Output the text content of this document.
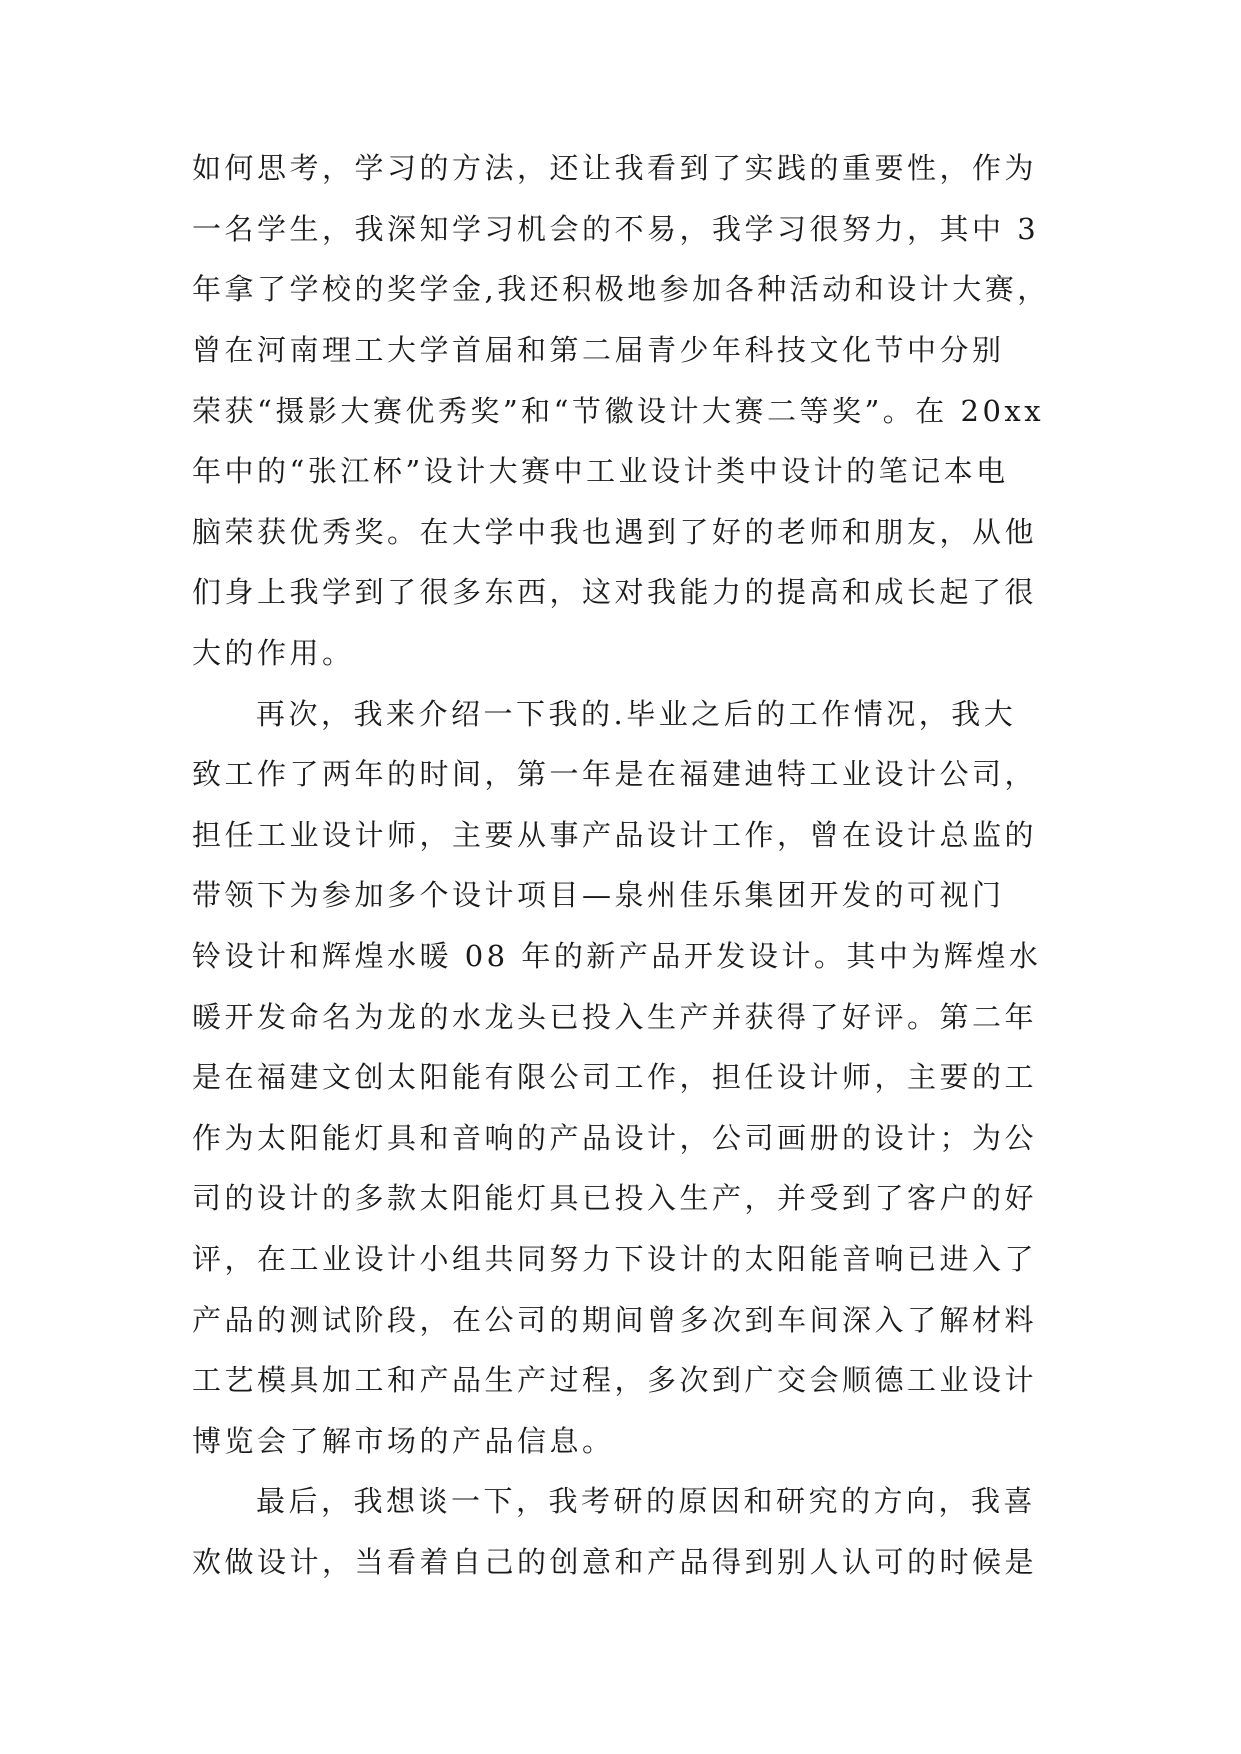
如何思考，学习的方法，还让我看到了实践的重要性，作为
一名学生，我深知学习机会的不易，我学习很努力，其中 3
年拿了学校的奖学金,我还积极地参加各种活动和设计大赛，
曾在河南理工大学首届和第二届青少年科技文化节中分别
荣获“摄影大赛优秀奖”和“节徽设计大赛二等奖”。在 20xx
年中的“张江杯”设计大赛中工业设计类中设计的笔记本电
脑荣获优秀奖。在大学中我也遇到了好的老师和朋友，从他
们身上我学到了很多东西，这对我能力的提高和成长起了很
大的作用。
再次，我来介绍一下我的.毕业之后的工作情况，我大
致工作了两年的时间，第一年是在福建迪特工业设计公司，
担任工业设计师，主要从事产品设计工作，曾在设计总监的
带领下为参加多个设计项目—泉州佳乐集团开发的可视门
铃设计和辉煌水暖 08 年的新产品开发设计。其中为辉煌水
暖开发命名为龙的水龙头已投入生产并获得了好评。第二年
是在福建文创太阳能有限公司工作，担任设计师，主要的工
作为太阳能灯具和音响的产品设计，公司画册的设计；为公
司的设计的多款太阳能灯具已投入生产，并受到了客户的好
评，在工业设计小组共同努力下设计的太阳能音响已进入了
产品的测试阶段，在公司的期间曾多次到车间深入了解材料
工艺模具加工和产品生产过程，多次到广交会顺德工业设计
博览会了解市场的产品信息。
最后，我想谈一下，我考研的原因和研究的方向，我喜
欢做设计，当看着自己的创意和产品得到别人认可的时候是
